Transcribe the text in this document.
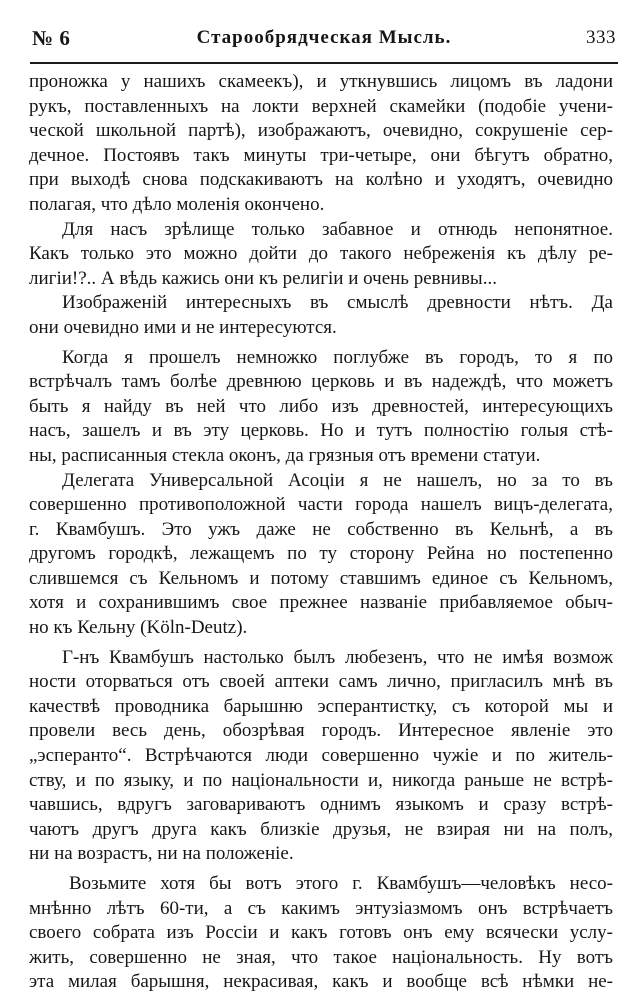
№ 6	Старообрядческая Мысль.	333
проножка у нашихъ скамеекъ), и уткнувшись лицомъ въ ладони
рукъ, поставленныхъ на локти верхней скамейки (подобіе учени-
ческой школьной партѣ), изображаютъ, очевидно, сокрушеніе сер-
дечное. Постоявъ такъ минуты три-четыре, они бѣгутъ обратно,
при выходѣ снова подскакиваютъ на колѣно и уходятъ, очевидно
полагая, что дѣло моленія окончено.
Для насъ зрѣлище только забавное и отнюдь непонятное.
Какъ только это можно дойти до такого небреженія къ дѣлу ре-
лигіи!?.. А вѣдь кажись они къ религіи и очень ревнивы...
Изображеній интересныхъ въ смыслѣ древности нѣтъ. Да
они очевидно ими и не интересуются.
Когда я прошелъ немножко поглубже въ городъ, то я по
встрѣчалъ тамъ болѣе древнюю церковь и въ надеждѣ, что можетъ
быть я найду въ ней что либо изъ древностей, интересующихъ
насъ, зашелъ и въ эту церковь. Но и тутъ полностію голыя стѣ-
ны, расписанныя стекла оконъ, да грязныя отъ времени статуи.
Делегата Универсальной Асоціи я не нашелъ, но за то въ
совершенно противоположной части города нашелъ вицъ-делегата,
г. Квамбушъ. Это ужъ даже не собственно въ Кельнѣ, а въ
другомъ городкѣ, лежащемъ по ту сторону Рейна но постепенно
слившемся съ Кельномъ и потому ставшимъ единое съ Кельномъ,
хотя и сохранившимъ свое прежнее названіе прибавляемое обыч-
но къ Кельну (Köln-Deutz).
Г-нъ Квамбушъ настолько былъ любезенъ, что не имѣя возмож
ности оторваться отъ своей аптеки самъ лично, пригласилъ мнѣ въ
качествѣ проводника барышню эсперантистку, съ которой мы и
провели весь день, обозрѣвая городъ. Интересное явленіе это
„эсперанто“. Встрѣчаются люди совершенно чужіе и по житель-
ству, и по языку, и по національности и, никогда раньше не встрѣ-
чавшись, вдругъ заговариваютъ однимъ языкомъ и сразу встрѣ-
чаютъ другъ друга какъ близкіе друзья, не взирая ни на полъ,
ни на возрастъ, ни на положеніе.
Возьмите хотя бы вотъ этого г. Квамбушъ—человѣкъ несо-
мнѣнно лѣтъ 60-ти, а съ какимъ энтузіазмомъ онъ встрѣчаетъ
своего собрата изъ Россіи и какъ готовъ онъ ему всячески услу-
жить, совершенно не зная, что такое національность. Ну вотъ
эта милая барышня, некрасивая, какъ и вообще всѣ нѣмки не-
